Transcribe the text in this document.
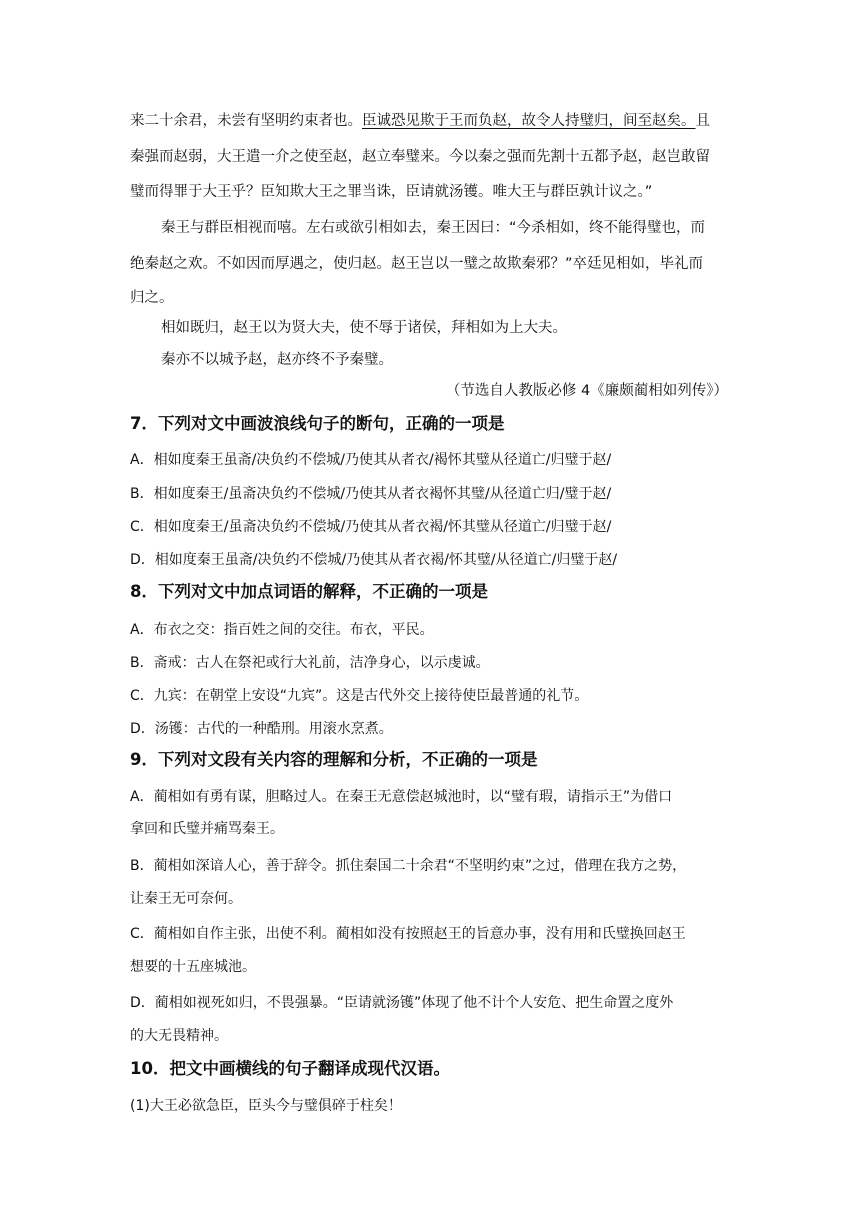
来二十余君，未尝有坚明约束者也。臣诚恐见欺于王而负赵，故令人持璧归，间至赵矣。且
秦强而赵弱，大王遣一介之使至赵，赵立奉璧来。今以秦之强而先割十五都予赵，赵岂敢留
璧而得罪于大王乎？臣知欺大王之罪当诛，臣请就汤镬。唯大王与群臣孰计议之。”
秦王与群臣相视而嘻。左右或欲引相如去，秦王因曰：“今杀相如，终不能得璧也，而
绝秦赵之欢。不如因而厚遇之，使归赵。赵王岂以一璧之故欺秦邪？”卒廷见相如，毕礼而
归之。
相如既归，赵王以为贤大夫，使不辱于诸侯，拜相如为上大夫。
秦亦不以城予赵，赵亦终不予秦璧。
（节选自人教版必修 4《廉颇蔺相如列传》）
7．下列对文中画波浪线句子的断句，正确的一项是
A．相如度秦王虽斋/决负约不偿城/乃使其从者衣/褐怀其璧从径道亡/归璧于赵/
B．相如度秦王/虽斋决负约不偿城/乃使其从者衣褐怀其璧/从径道亡归/璧于赵/
C．相如度秦王/虽斋决负约不偿城/乃使其从者衣褐/怀其璧从径道亡/归璧于赵/
D．相如度秦王虽斋/决负约不偿城/乃使其从者衣褐/怀其璧/从径道亡/归璧于赵/
8．下列对文中加点词语的解释，不正确的一项是
A．布衣之交：指百姓之间的交往。布衣，平民。
B．斋戒：古人在祭祀或行大礼前，洁净身心，以示虔诚。
C．九宾：在朝堂上安设“九宾”。这是古代外交上接待使臣最普通的礼节。
D．汤镬：古代的一种酷刑。用滚水烹煮。
9．下列对文段有关内容的理解和分析，不正确的一项是
A．蔺相如有勇有谋，胆略过人。在秦王无意偿赵城池时，以“璧有瑕，请指示王”为借口
拿回和氏璧并痛骂秦王。
B．蔺相如深谙人心，善于辞令。抓住秦国二十余君“不坚明约束”之过，借理在我方之势，
让秦王无可奈何。
C．蔺相如自作主张，出使不利。蔺相如没有按照赵王的旨意办事，没有用和氏璧换回赵王
想要的十五座城池。
D．蔺相如视死如归，不畏强暴。“臣请就汤镬”体现了他不计个人安危、把生命置之度外
的大无畏精神。
10．把文中画横线的句子翻译成现代汉语。
(1)大王必欲急臣，臣头今与璧俱碎于柱矣！
